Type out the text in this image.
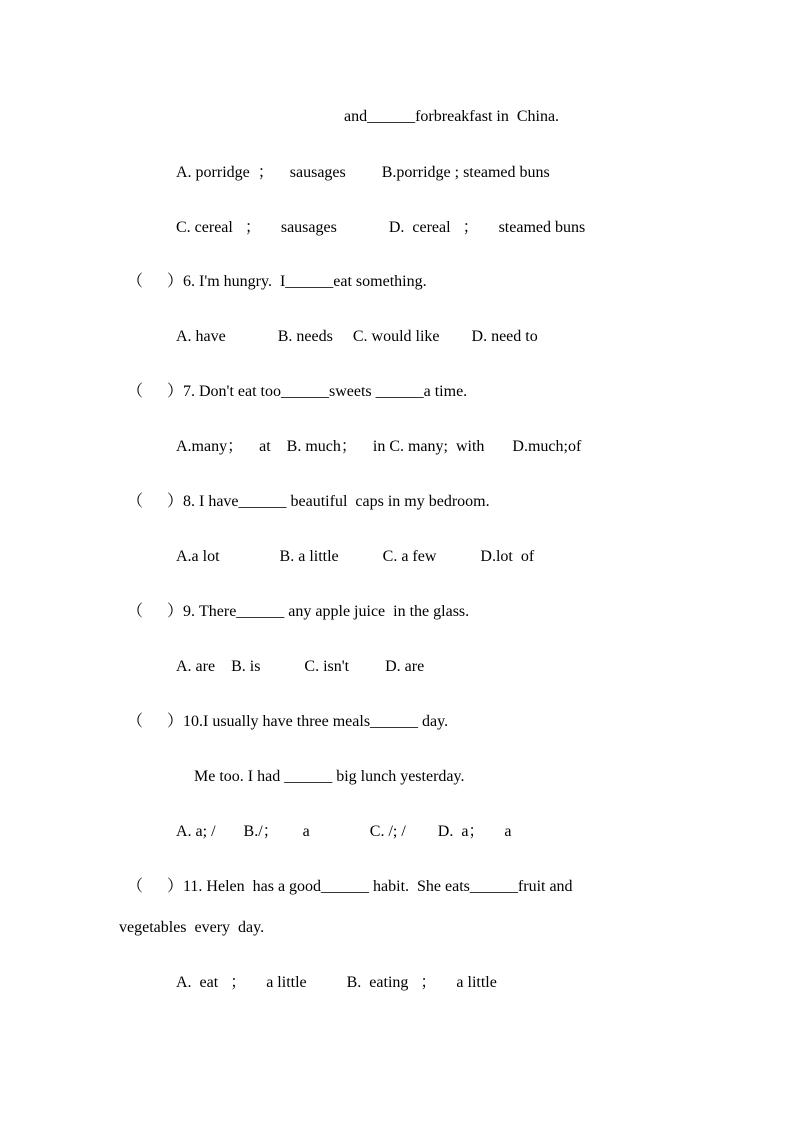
and______forbreakfast in  China.
A. porridge  ；    sausages         B.porridge ; steamed buns
C. cereal   ；     sausages             D.  cereal   ；     steamed buns
（      ）6. I'm hungry.  I______eat something.
A. have             B. needs     C. would like        D. need to
（      ）7. Don't eat too______sweets ______a time.
A.many；    at    B. much；    in C. many;  with       D.much;of
（      ）8. I have______ beautiful  caps in my bedroom.
A.a lot               B. a little           C. a few           D.lot  of
（      ）9. There______ any apple juice  in the glass.
A. are    B. is           C. isn't         D. are
（      ）10.I usually have three meals______ day.
Me too. I had ______ big lunch yesterday.
A. a; /       B./；      a               C. /; /        D.  a；     a
（      ）11. Helen  has a good______ habit.  She eats______fruit and
vegetables  every  day.
A.  eat   ；     a little          B.  eating   ；     a little
